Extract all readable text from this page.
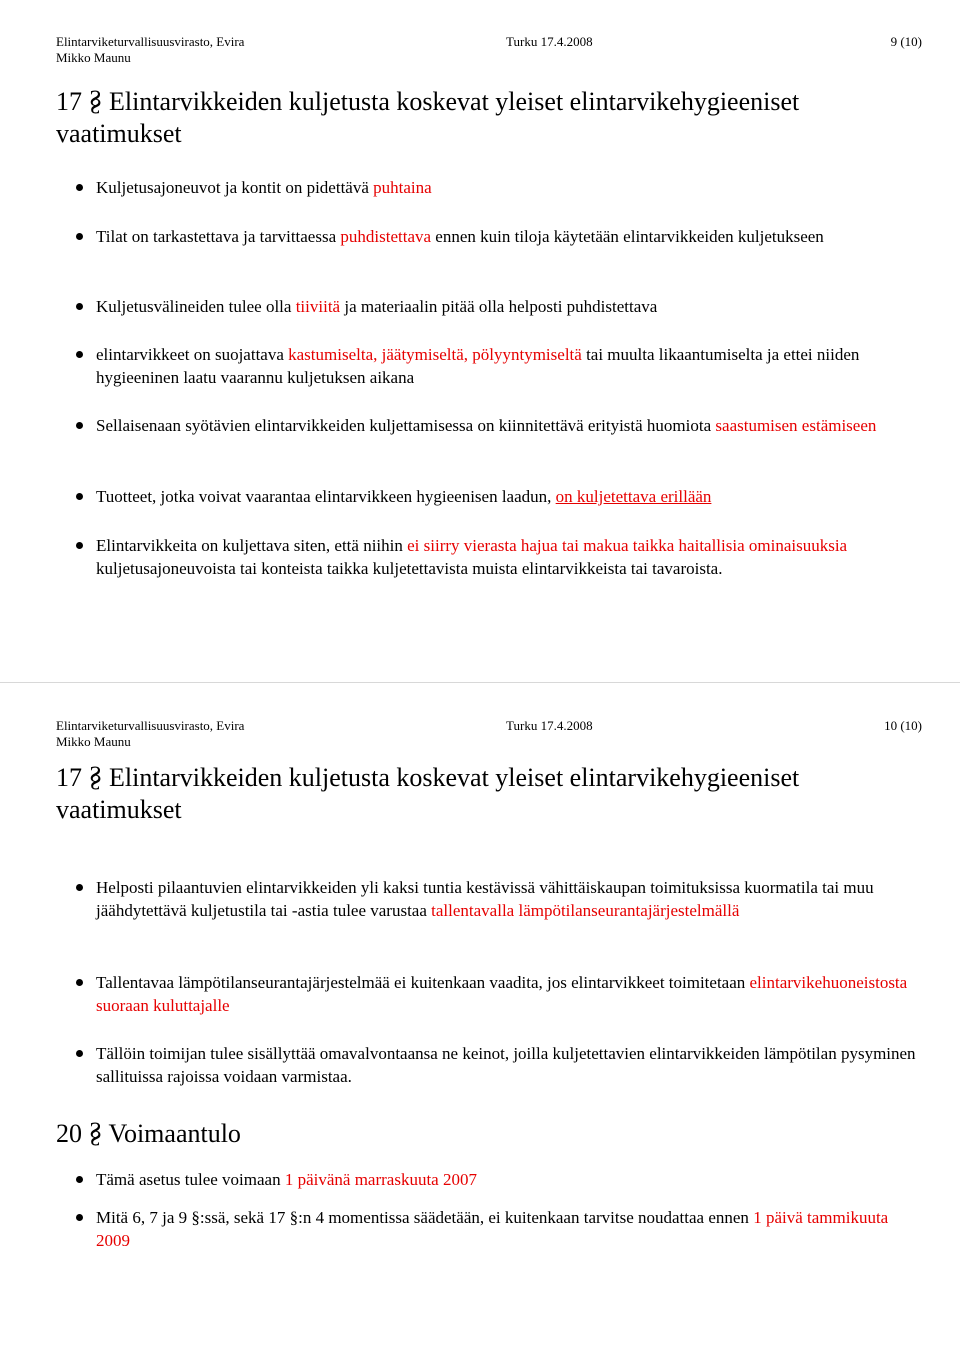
Elintarviketurvallisuusvirasto, Evira
Mikko Maunu
Turku 17.4.2008	9 (10)
17 § Elintarvikkeiden kuljetusta koskevat yleiset elintarvikehygieeniset vaatimukset
Kuljetusajoneuvot ja kontit on pidettävä puhtaina
Tilat on tarkastettava ja tarvittaessa puhdistettava ennen kuin tiloja käytetään elintarvikkeiden kuljetukseen
Kuljetusvälineiden tulee olla tiiviitä ja materiaalin pitää olla helposti puhdistettava
elintarvikkeet on suojattava kastumiselta, jäätymiseltä, pölyyntymiseltä tai muulta likaantumiselta ja ettei niiden hygieeninen laatu vaarannu kuljetuksen aikana
Sellaisenaan syötävien elintarvikkeiden kuljettamisessa on kiinnitettävä erityistä huomiota saastumisen estämiseen
Tuotteet, jotka voivat vaarantaa elintarvikkeen hygieenisen laadun, on kuljetettava erillään
Elintarvikkeita on kuljettava siten, että niihin ei siirry vierasta hajua tai makua taikka haitallisia ominaisuuksia kuljetusajoneuvoista tai konteista taikka kuljetettavista muista elintarvikkeista tai tavaroista.
Elintarviketurvallisuusvirasto, Evira
Mikko Maunu
Turku 17.4.2008	10 (10)
17 § Elintarvikkeiden kuljetusta koskevat yleiset elintarvikehygieeniset vaatimukset
Helposti pilaantuvien elintarvikkeiden yli kaksi tuntia kestävissä vähittäiskaupan toimituksissa kuormatila tai muu jäähdytettävä kuljetustila tai -astia tulee varustaa tallentavalla lämpötilanseurantajärjestelmällä
Tallentavaa lämpötilanseurantajärjestelmää ei kuitenkaan vaadita, jos elintarvikkeet toimitetaan elintarvikehuoneistosta suoraan kuluttajalle
Tällöin toimijan tulee sisällyttää omavalvontaansa ne keinot, joilla kuljetettavien elintarvikkeiden lämpötilan pysyminen sallituissa rajoissa voidaan varmistaa.
20 § Voimaantulo
Tämä asetus tulee voimaan 1 päivänä marraskuuta 2007
Mitä 6, 7 ja 9 §:ssä, sekä 17 §:n 4 momentissa säädetään, ei kuitenkaan tarvitse noudattaa ennen 1 päivä tammikuuta 2009
